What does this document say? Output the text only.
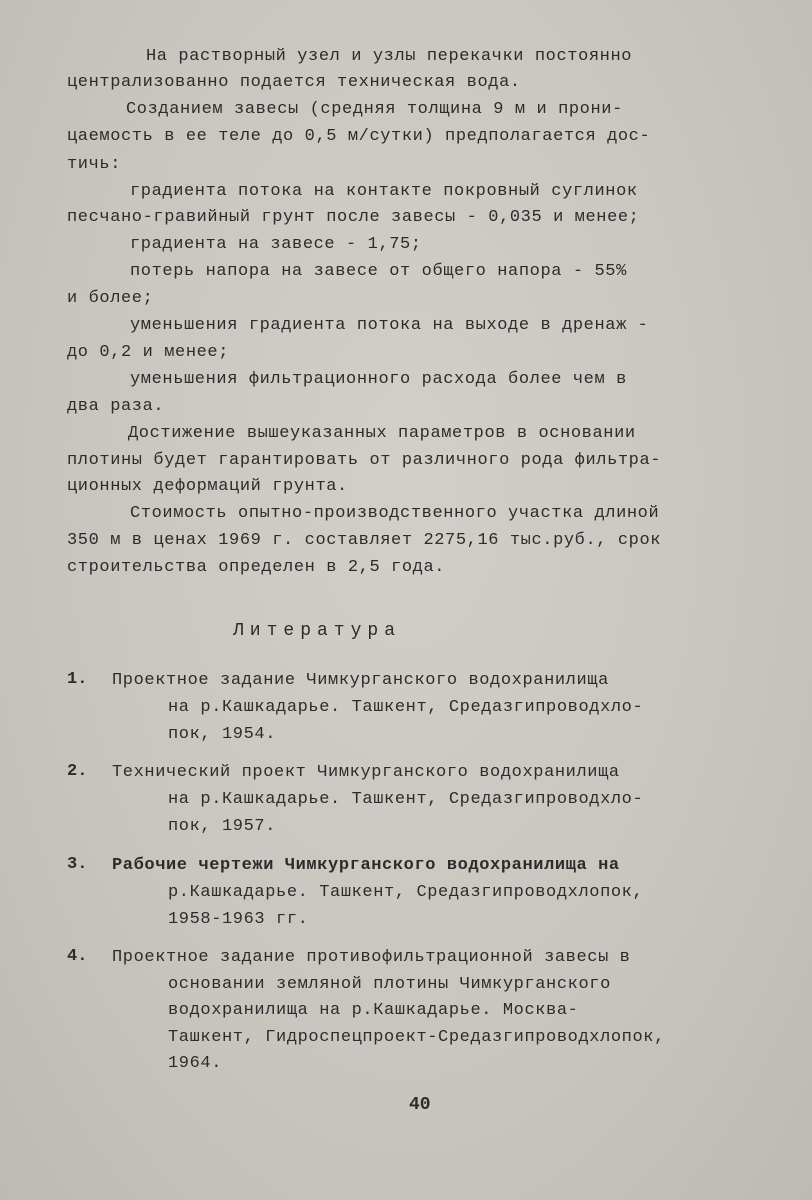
На растворный узел и узлы перекачки постоянно
централизованно подается техническая вода.
Созданием завесы (средняя толщина 9 м и прони-
цаемость в ее теле до 0,5 м/сутки) предполагается дос-
тичь:
градиента потока на контакте покровный суглинок
песчано-гравийный грунт после завесы - 0,035 и менее;
градиента на завесе - 1,75;
потерь напора на завесе от общего напора - 55%
и более;
уменьшения градиента потока на выходе в дренаж -
до 0,2 и менее;
уменьшения фильтрационного расхода более чем в
два раза.
Достижение вышеуказанных параметров в основании
плотины будет гарантировать от различного рода фильтра-
ционных деформаций грунта.
Стоимость опытно-производственного участка длиной
350 м в ценах 1969 г. составляет 2275,16 тыс.руб., срок
строительства определен в 2,5 года.
Литература
1. Проектное задание Чимкурганского водохранилища
на р.Кашкадарье. Ташкент, Средазгипроводхло-
пок, 1954.
2. Технический проект Чимкурганского водохранилища
на р.Кашкадарье. Ташкент, Средазгипроводхло-
пок, 1957.
3. Рабочие чертежи Чимкурганского водохранилища на
р.Кашкадарье. Ташкент, Средазгипроводхлопок,
1958-1963 гг.
4. Проектное задание противофильтрационной завесы в
основании земляной плотины Чимкурганского
водохранилища на р.Кашкадарье. Москва-
Ташкент, Гидроспецпроект-Средазгипроводхлопок,
1964.
40
